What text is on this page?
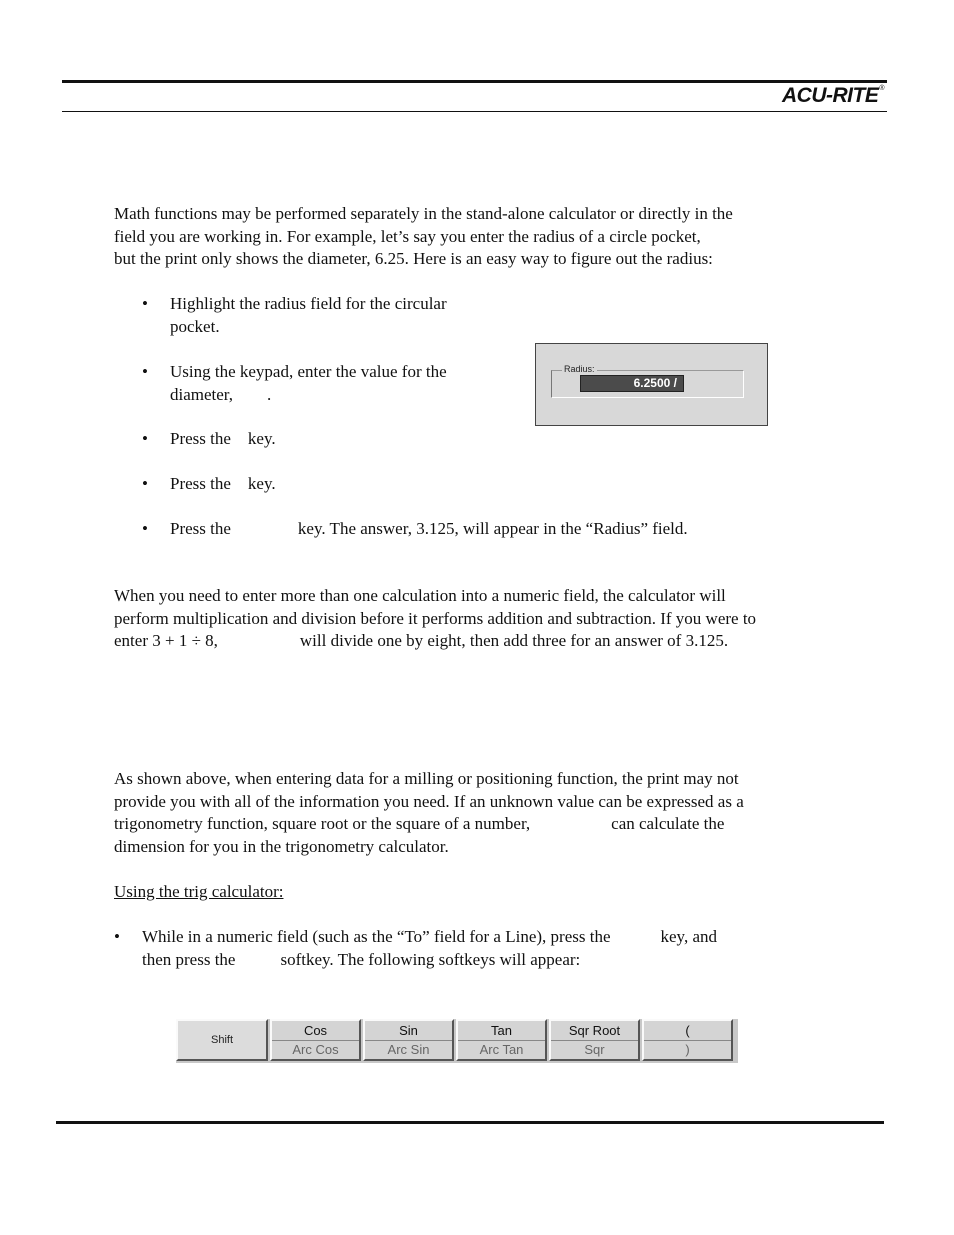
ACU-RITE®
Math functions may be performed separately in the stand-alone calculator or directly in the
field you are working in. For example, let’s say you enter the radius of a circle pocket,
but the print only shows the diameter, 6.25. Here is an easy way to figure out the radius:
• Highlight the radius field for the circular
pocket.
• Using the keypad, enter the value for the
diameter, .
• Press the key.
• Press the key.
• Press the	key. The answer, 3.125, will appear in the “Radius” field.
Radius:
6.2500 /
When you need to enter more than one calculation into a numeric field, the calculator will
perform multiplication and division before it performs addition and subtraction. If you were to
enter 3 + 1 ÷ 8,	will divide one by eight, then add three for an answer of 3.125.
As shown above, when entering data for a milling or positioning function, the print may not
provide you with all of the information you need. If an unknown value can be expressed as a
trigonometry function, square root or the square of a number,	can calculate the
dimension for you in the trigonometry calculator.
Using the trig calculator:
• While in a numeric field (such as the “To” field for a Line), press the	key, and
then press the	softkey. The following softkeys will appear:
Shift
Cos
Arc Cos
Sin
Arc Sin
Tan
Arc Tan
Sqr Root
Sqr
(
)
